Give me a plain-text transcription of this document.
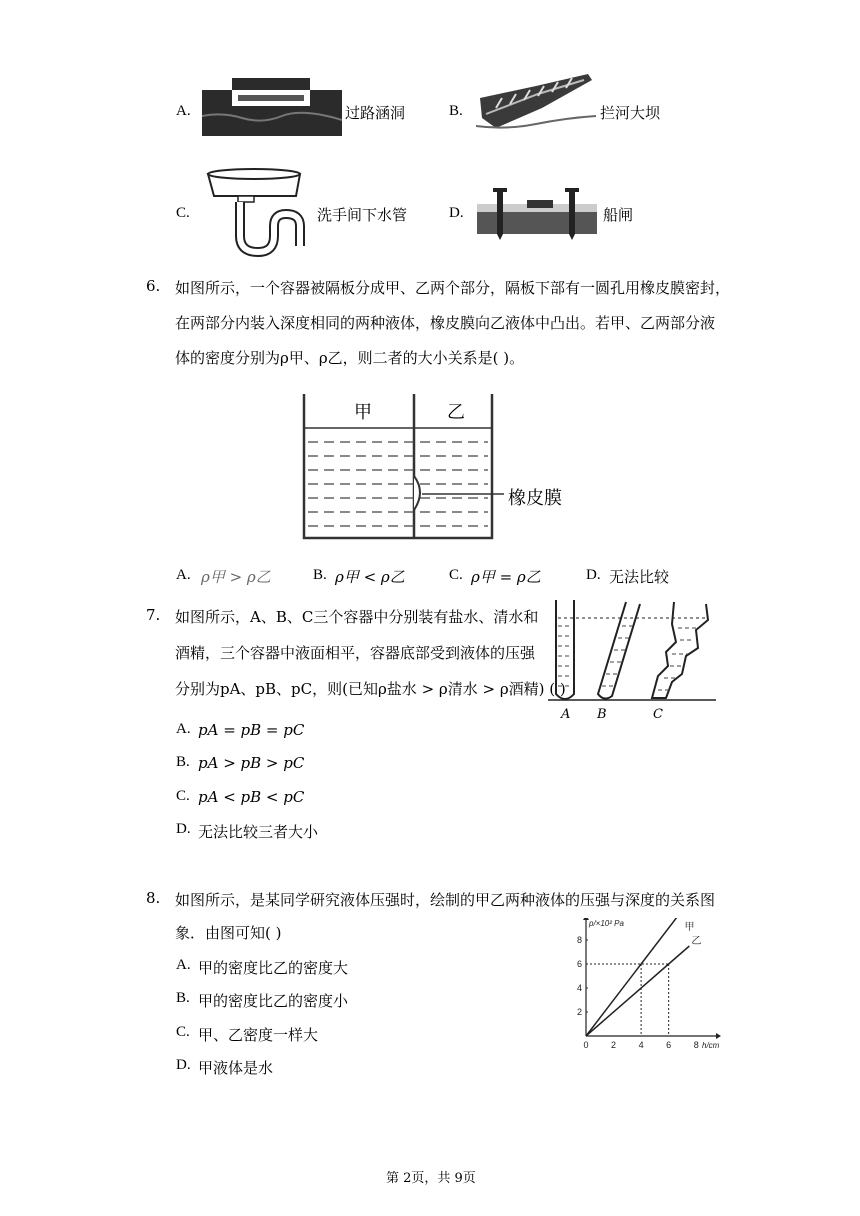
A.	过路涵洞	B.	拦河大坝
C.	洗手间下水管	D.	船闸
6. 如图所示，一个容器被隔板分成甲、乙两个部分，隔板下部有一圆孔用橡皮膜密封，
在两部分内装入深度相同的两种液体，橡皮膜向乙液体中凸出。若甲、乙两部分液
体的密度分别为ρ甲、ρ乙，则二者的大小关系是( )。
甲	乙
橡皮膜
A. ρ甲 > ρ乙	B. ρ甲 < ρ乙	C. ρ甲 = ρ乙	D. 无法比较
7. 如图所示，A、B、C三个容器中分别装有盐水、清水和
酒精，三个容器中液面相平，容器底部受到液体的压强
分别为pA、pB、pC，则(已知ρ盐水 > ρ清水 > ρ酒精) ( )
A B	C
A. pA = pB = pC
B. pA > pB > pC
C. pA < pB < pC
D. 无法比较三者大小
8. 如图所示，是某同学研究液体压强时，绘制的甲乙两种液体的压强与深度的关系图
象．由图可知( )
A. 甲的密度比乙的密度大
B. 甲的密度比乙的密度小
C. 甲、乙密度一样大
D. 甲液体是水
0	2	4	6	8
2
4
6
8
p/×10² Pa
h/cm
甲
乙
第 2页，共 9页
